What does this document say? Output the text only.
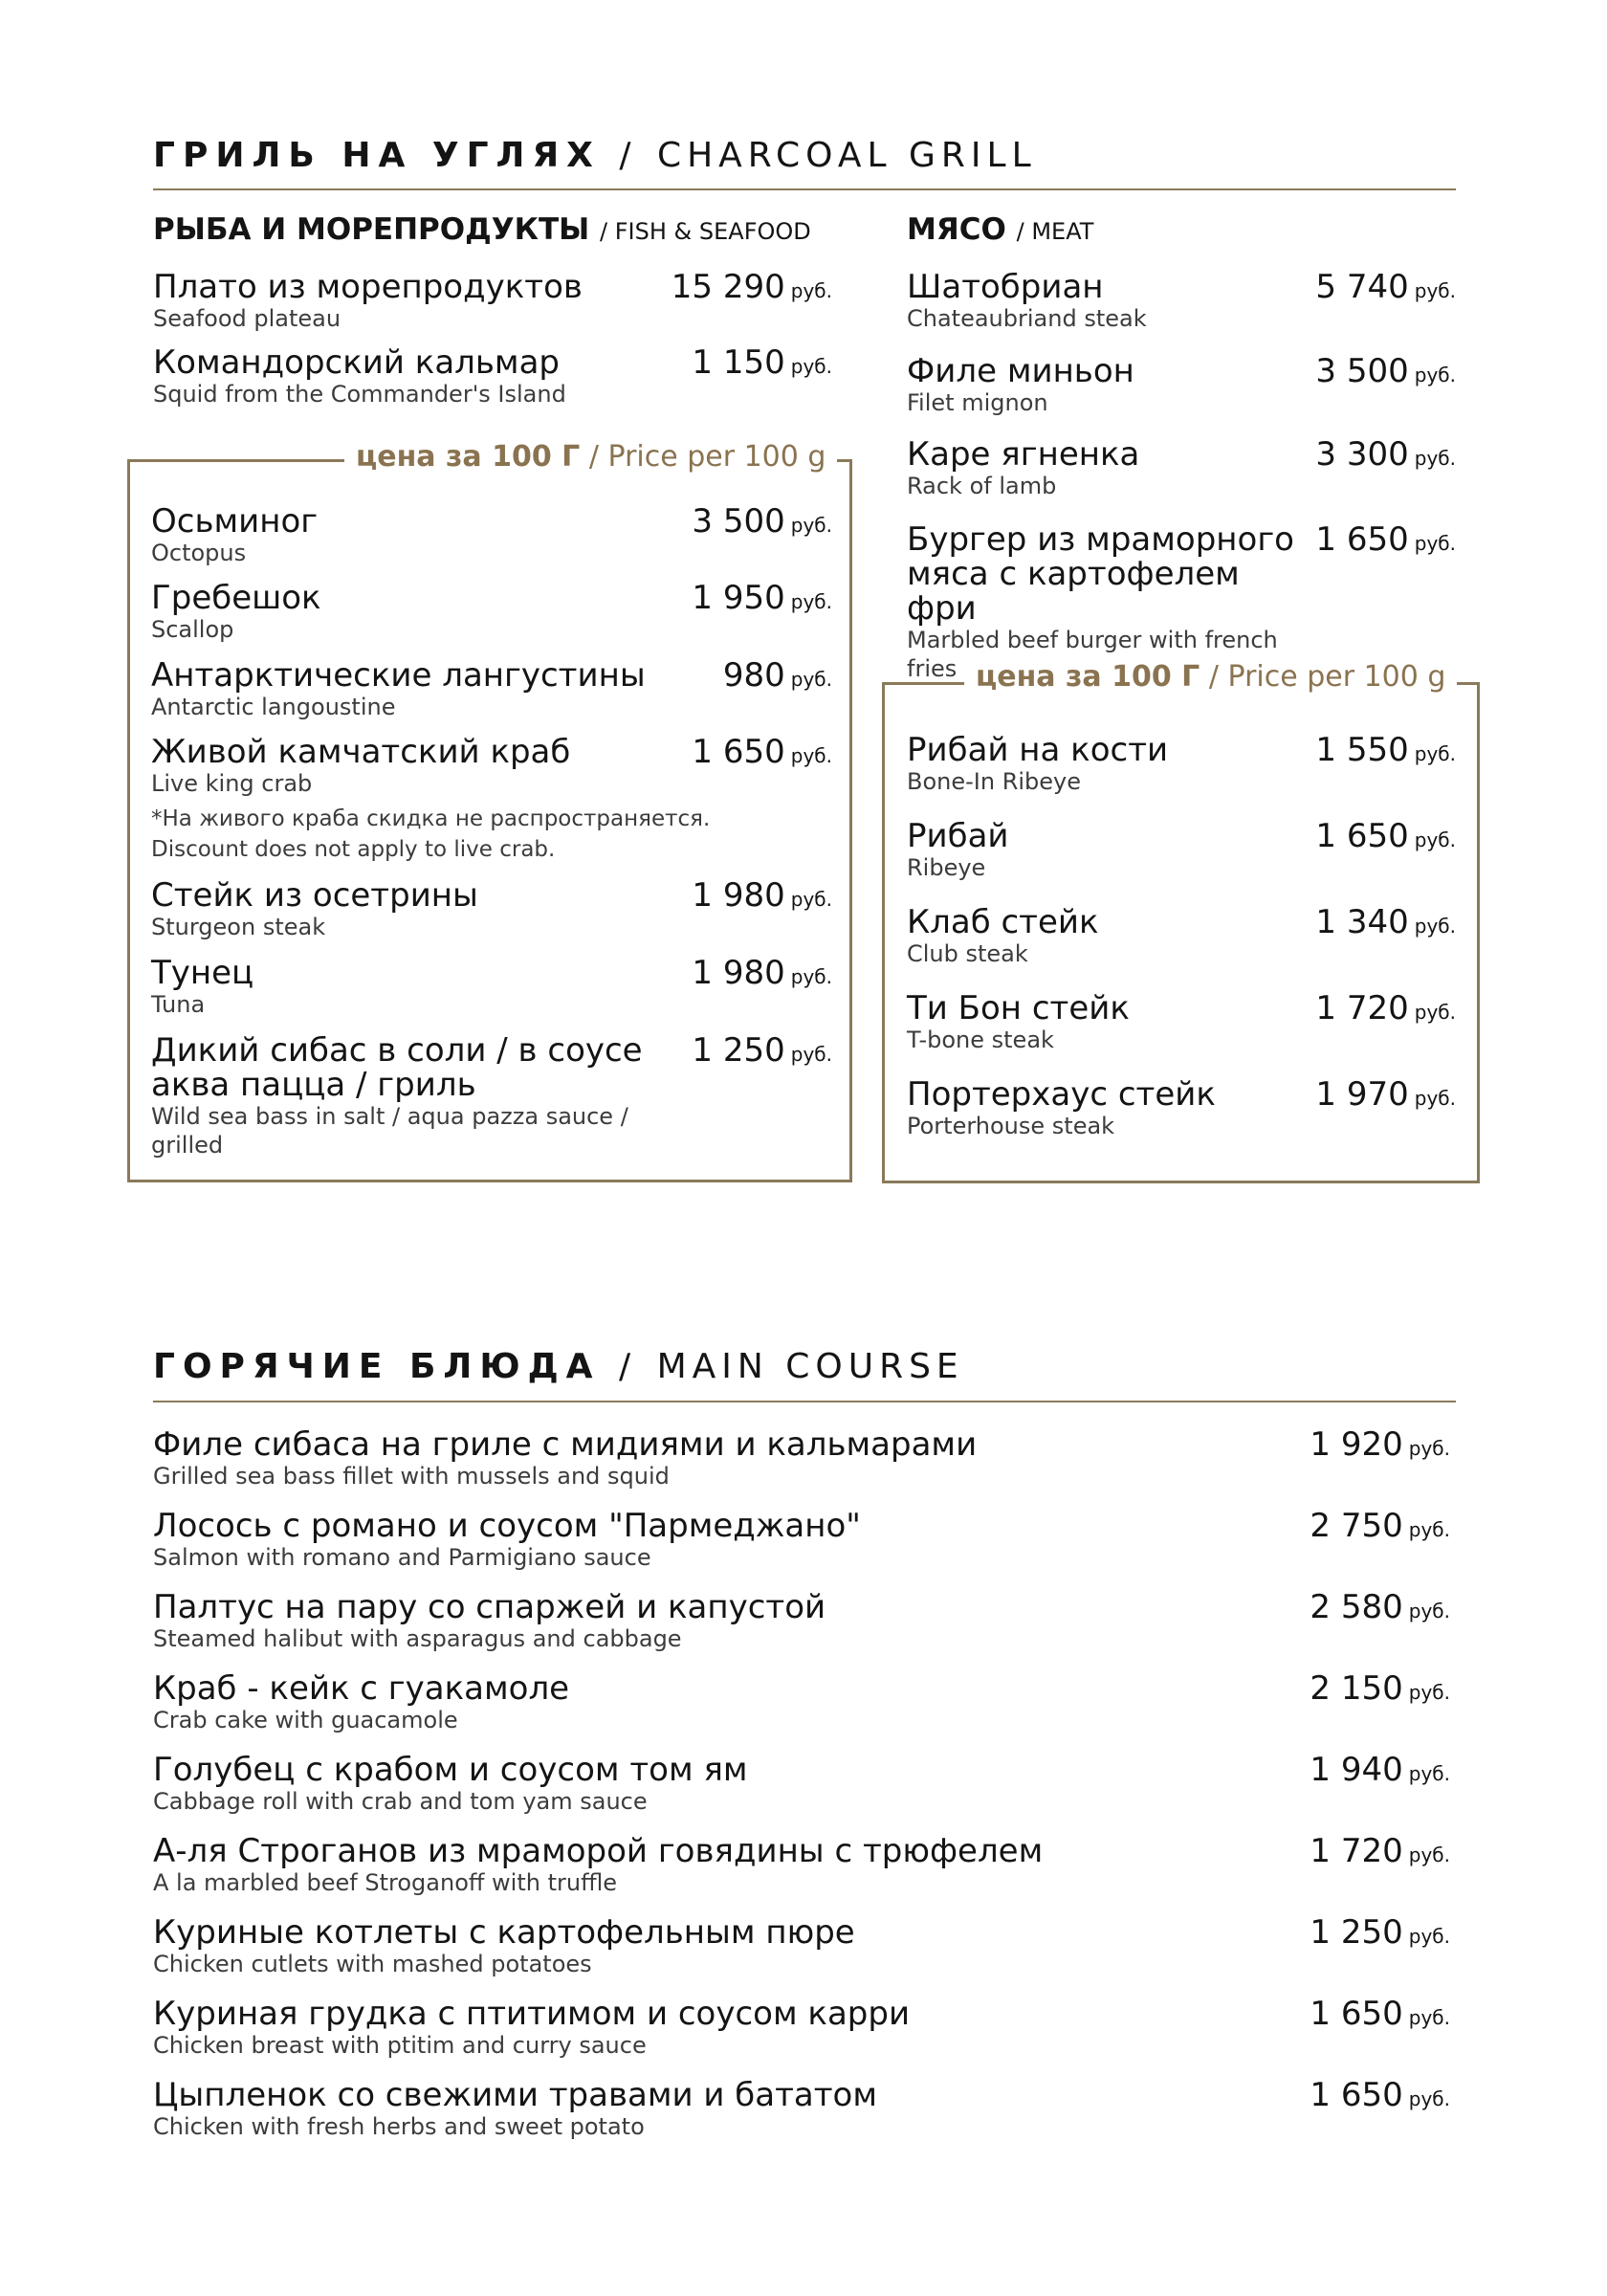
ГРИЛЬ НА УГЛЯХ / CHARCOAL GRILL
РЫБА И МОРЕПРОДУКТЫ / FISH & SEAFOOD	МЯСО / MEAT
Плато из морепродуктов
Seafood plateau
15 290 руб.
Командорский кальмар
Squid from the Commander's Island
1 150 руб.
цена за 100 Г / Price per 100 g
Осьминог
Octopus
3 500 руб.
Гребешок
Scallop
1 950 руб.
Антарктические лангустины
Antarctic langoustine
980 руб.
Живой камчатский краб
Live king crab
*На живого краба скидка не распространяется.
Discount does not apply to live crab.
1 650 руб.
Стейк из осетрины
Sturgeon steak
1 980 руб.
Тунец
Tuna
1 980 руб.
Дикий сибас в соли / в соусе аква пацца / гриль
Wild sea bass in salt / aqua pazza sauce / grilled
1 250 руб.
Шатобриан
Chateaubriand steak
5 740 руб.
Филе миньон
Filet mignon
3 500 руб.
Каре ягненка
Rack of lamb
3 300 руб.
Бургер из мраморного мяса с картофелем фри
Marbled beef burger with french fries
1 650 руб.
цена за 100 Г / Price per 100 g
Рибай на кости
Bone-In Ribeye
1 550 руб.
Рибай
Ribeye
1 650 руб.
Клаб стейк
Club steak
1 340 руб.
Ти Бон стейк
T-bone steak
1 720 руб.
Портерхаус стейк
Porterhouse steak
1 970 руб.
ГОРЯЧИЕ БЛЮДА / MAIN COURSE
Филе сибаса на гриле с мидиями и кальмарами
Grilled sea bass fillet with mussels and squid
1 920 руб.
Лосось с романо и соусом "Пармеджано"
Salmon with romano and Parmigiano sauce
2 750 руб.
Палтус на пару со спаржей и капустой
Steamed halibut with asparagus and cabbage
2 580 руб.
Краб - кейк с гуакамоле
Crab cake with guacamole
2 150 руб.
Голубец с крабом и соусом том ям
Cabbage roll with crab and tom yam sauce
1 940 руб.
А-ля Строганов из мраморой говядины с трюфелем
A la marbled beef Stroganoff with truffle
1 720 руб.
Куриные котлеты с картофельным пюре
Chicken cutlets with mashed potatoes
1 250 руб.
Куриная грудка с птитимом и соусом карри
Chicken breast with ptitim and curry sauce
1 650 руб.
Цыпленок со свежими травами и бататом
Chicken with fresh herbs and sweet potato
1 650 руб.
